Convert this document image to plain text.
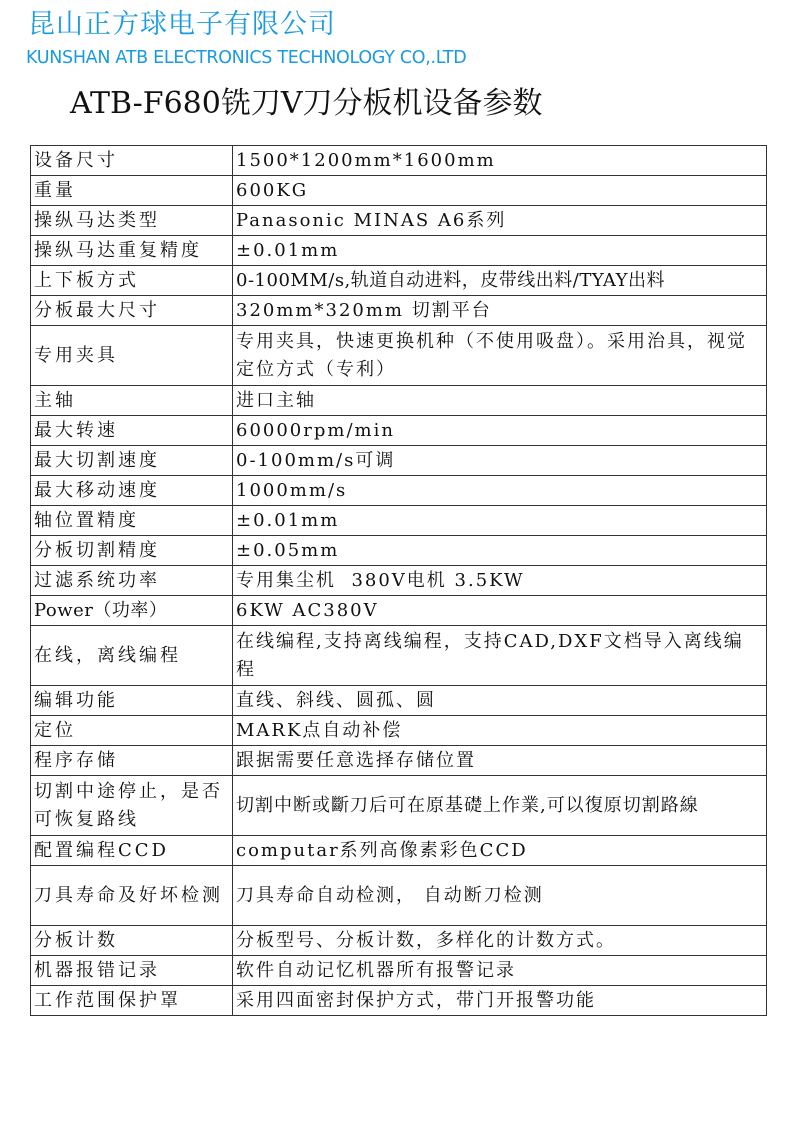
昆山正方球电子有限公司
KUNSHAN ATB ELECTRONICS TECHNOLOGY CO,.LTD
ATB-F680铣刀V刀分板机设备参数
设备尺寸	1500*1200mm*1600mm
重量	600KG
操纵马达类型	Panasonic MINAS A6系列
操纵马达重复精度	±0.01mm
上下板方式	0-100MM/s,轨道自动进料，皮带线出料/TYAY出料
分板最大尺寸	320mm*320mm 切割平台
专用夹具	专用夹具，快速更换机种（不使用吸盘）。采用治具，视觉定位方式（专利）
主轴	进口主轴
最大转速	60000rpm/min
最大切割速度	0-100mm/s可调
最大移动速度	1000mm/s
轴位置精度	±0.01mm
分板切割精度	±0.05mm
过滤系统功率	专用集尘机  380V电机 3.5KW
Power（功率）	6KW AC380V
在线，离线编程	在线编程,支持离线编程，支持CAD,DXF文档导入离线编程
编辑功能	直线、斜线、圆孤、圆
定位	MARK点自动补偿
程序存储	跟据需要任意选择存储位置
切割中途停止，是否可恢复路线	切割中断或斷刀后可在原基礎上作業,可以復原切割路線
配置编程CCD	computar系列高像素彩色CCD
刀具寿命及好坏检测	刀具寿命自动检测， 自动断刀检测
分板计数	分板型号、分板计数，多样化的计数方式。
机器报错记录	软件自动记忆机器所有报警记录
工作范围保护罩	采用四面密封保护方式，带门开报警功能
